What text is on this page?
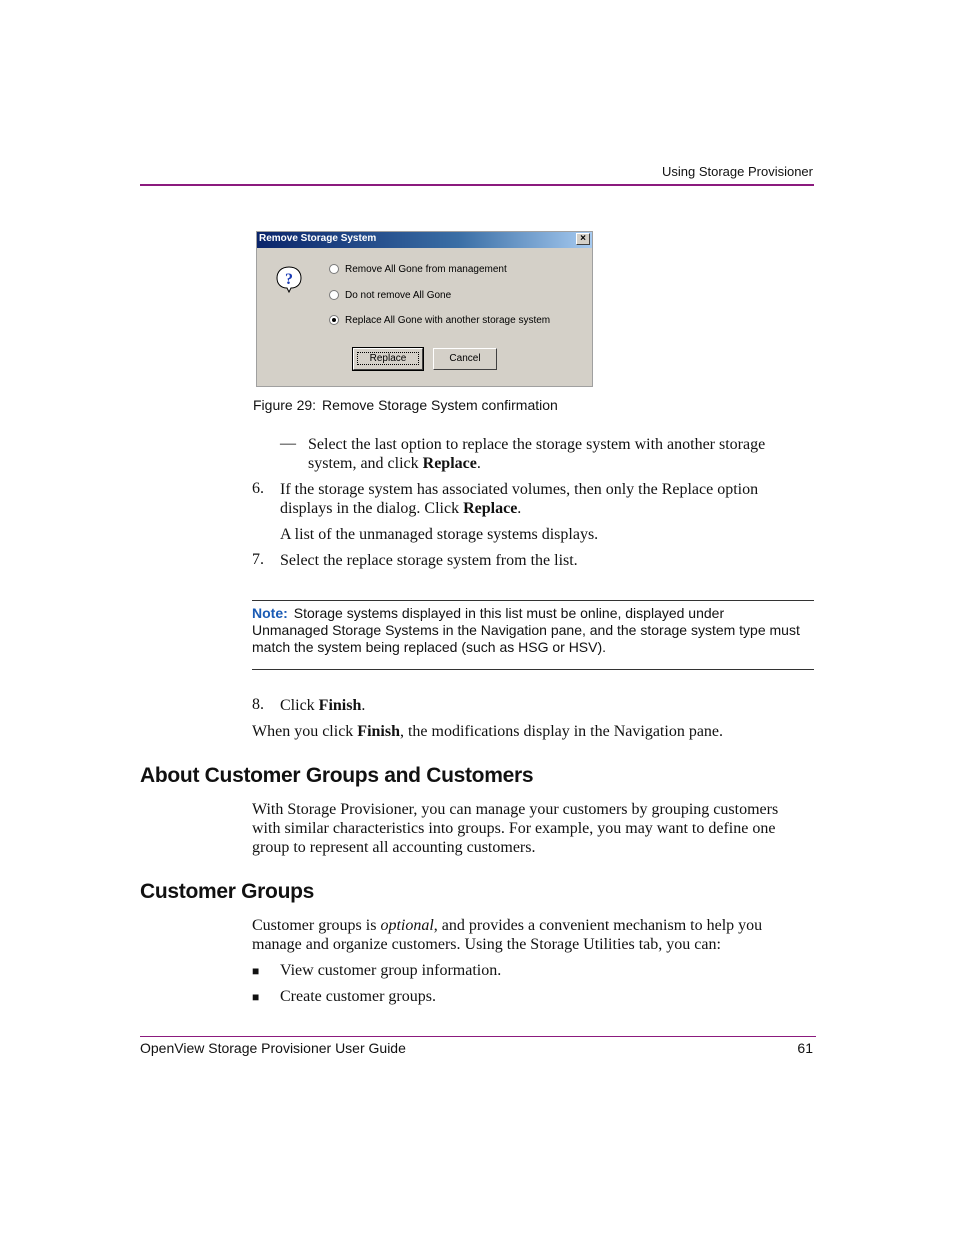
Using Storage Provisioner
Remove Storage System	×
?
Remove All Gone from management
Do not remove All Gone
Replace All Gone with another storage system
Replace	Cancel
Figure 29: Remove Storage System confirmation
— Select the last option to replace the storage system with another storage
system, and click Replace.
6. If the storage system has associated volumes, then only the Replace option
displays in the dialog. Click Replace.
A list of the unmanaged storage systems displays.
7. Select the replace storage system from the list.
Note: Storage systems displayed in this list must be online, displayed under
Unmanaged Storage Systems in the Navigation pane, and the storage system type must
match the system being replaced (such as HSG or HSV).
8. Click Finish.
When you click Finish, the modifications display in the Navigation pane.
About Customer Groups and Customers
With Storage Provisioner, you can manage your customers by grouping customers
with similar characteristics into groups. For example, you may want to define one
group to represent all accounting customers.
Customer Groups
Customer groups is optional, and provides a convenient mechanism to help you
manage and organize customers. Using the Storage Utilities tab, you can:
■ View customer group information.
■ Create customer groups.
OpenView Storage Provisioner User Guide	61
